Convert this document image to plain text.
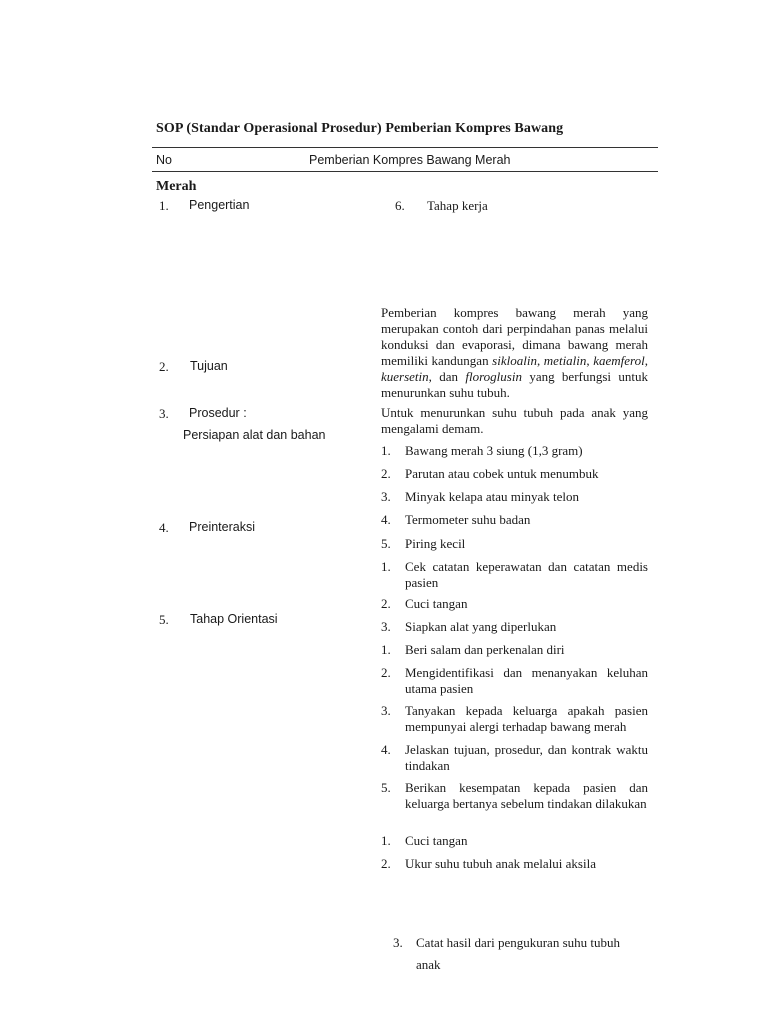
SOP (Standar Operasional Prosedur) Pemberian Kompres Bawang
No	Pemberian Kompres Bawang Merah
Merah
1. Pengertian
2. Tujuan
3. Prosedur :
Persiapan alat dan bahan
4. Preinteraksi
5. Tahap Orientasi
6. Tahap kerja
Pemberian kompres bawang merah yang merupakan contoh dari perpindahan panas melalui konduksi dan evaporasi, dimana bawang merah memiliki kandungan sikloalin, metialin, kaemferol, kuersetin, dan floroglusin yang berfungsi untuk menurunkan suhu tubuh.
Untuk menurunkan suhu tubuh pada anak yang mengalami demam.
1. Bawang merah 3 siung (1,3 gram)
2. Parutan atau cobek untuk menumbuk
3. Minyak kelapa atau minyak telon
4. Termometer suhu badan
5. Piring kecil
1. Cek catatan keperawatan dan catatan medis pasien
2. Cuci tangan
3. Siapkan alat yang diperlukan
1. Beri salam dan perkenalan diri
2. Mengidentifikasi dan menanyakan keluhan utama pasien
3. Tanyakan kepada keluarga apakah pasien mempunyai alergi terhadap bawang merah
4. Jelaskan tujuan, prosedur, dan kontrak waktu tindakan
5. Berikan kesempatan kepada pasien dan keluarga bertanya sebelum tindakan dilakukan
1. Cuci tangan
2. Ukur suhu tubuh anak melalui aksila
3. Catat hasil dari pengukuran suhu tubuh
anak
